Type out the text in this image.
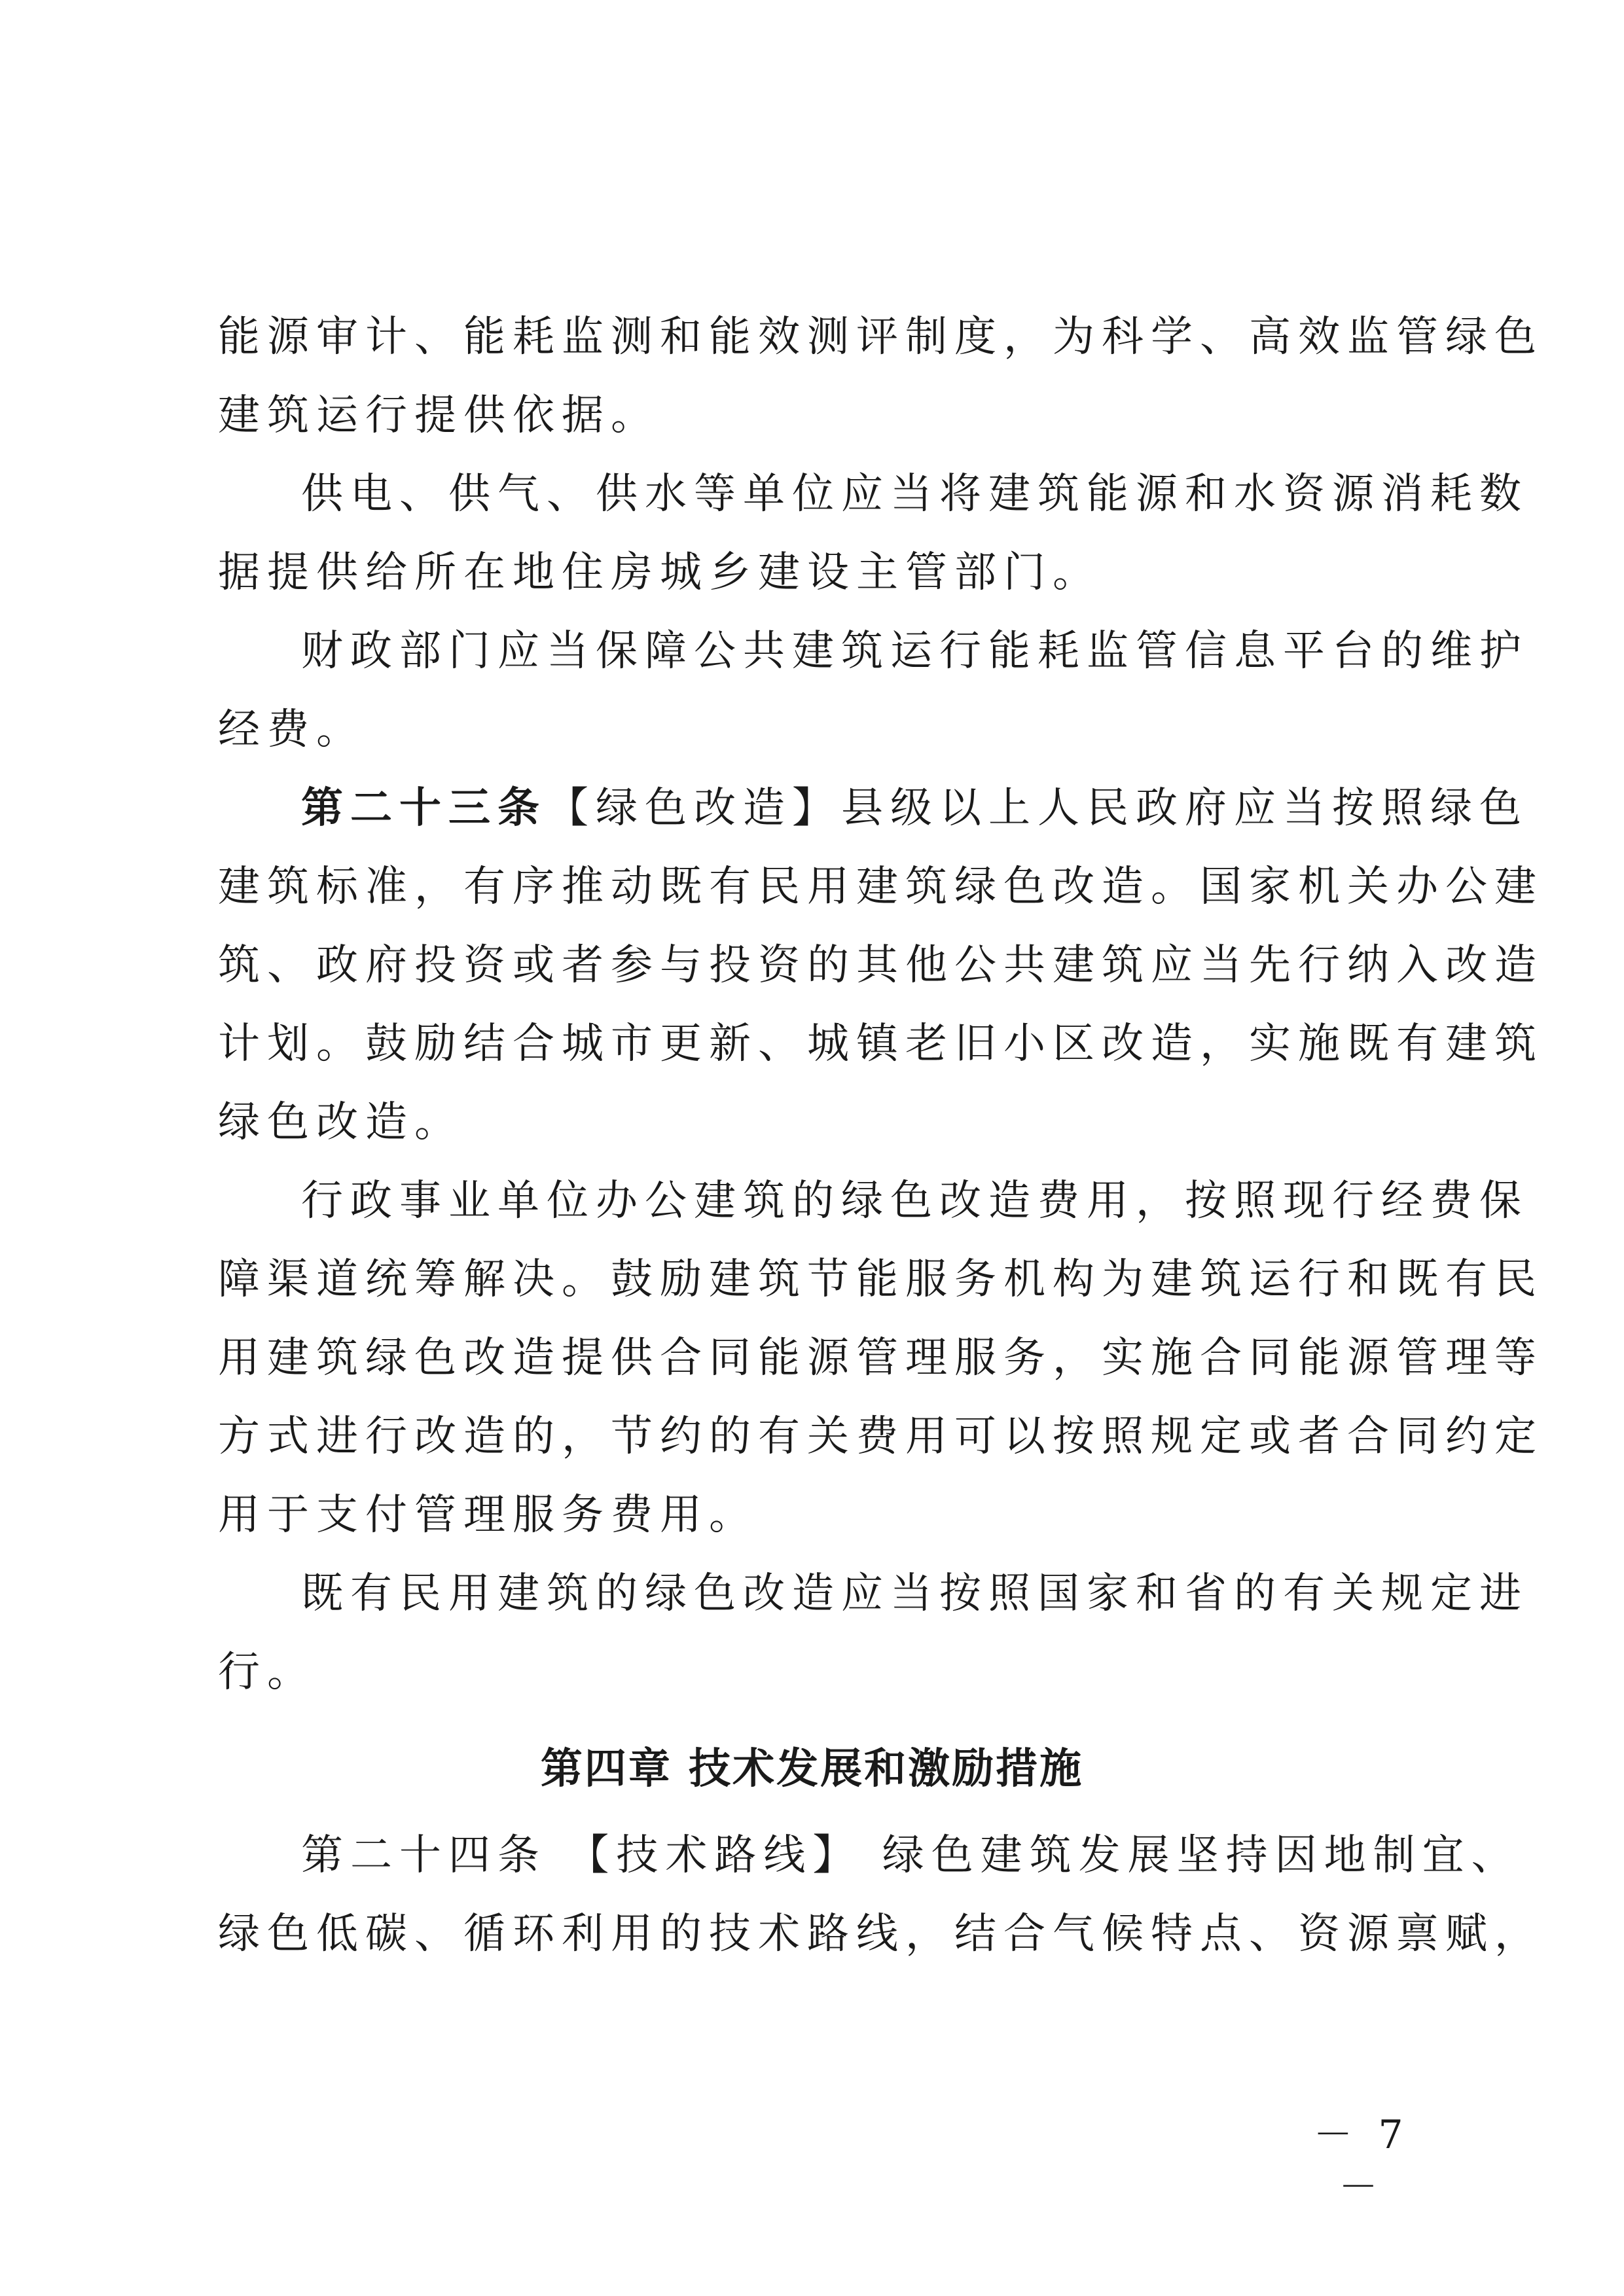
能源审计、能耗监测和能效测评制度，为科学、高效监管绿色
建筑运行提供依据。
供电、供气、供水等单位应当将建筑能源和水资源消耗数
据提供给所在地住房城乡建设主管部门。
财政部门应当保障公共建筑运行能耗监管信息平台的维护
经费。
第二十三条【绿色改造】县级以上人民政府应当按照绿色
建筑标准，有序推动既有民用建筑绿色改造。国家机关办公建
筑、政府投资或者参与投资的其他公共建筑应当先行纳入改造
计划。鼓励结合城市更新、城镇老旧小区改造，实施既有建筑
绿色改造。
行政事业单位办公建筑的绿色改造费用，按照现行经费保
障渠道统筹解决。鼓励建筑节能服务机构为建筑运行和既有民
用建筑绿色改造提供合同能源管理服务，实施合同能源管理等
方式进行改造的，节约的有关费用可以按照规定或者合同约定
用于支付管理服务费用。
既有民用建筑的绿色改造应当按照国家和省的有关规定进
行。
第四章 技术发展和激励措施
第二十四条 【技术路线】 绿色建筑发展坚持因地制宜、
绿色低碳、循环利用的技术路线，结合气候特点、资源禀赋，
－ 7 －
